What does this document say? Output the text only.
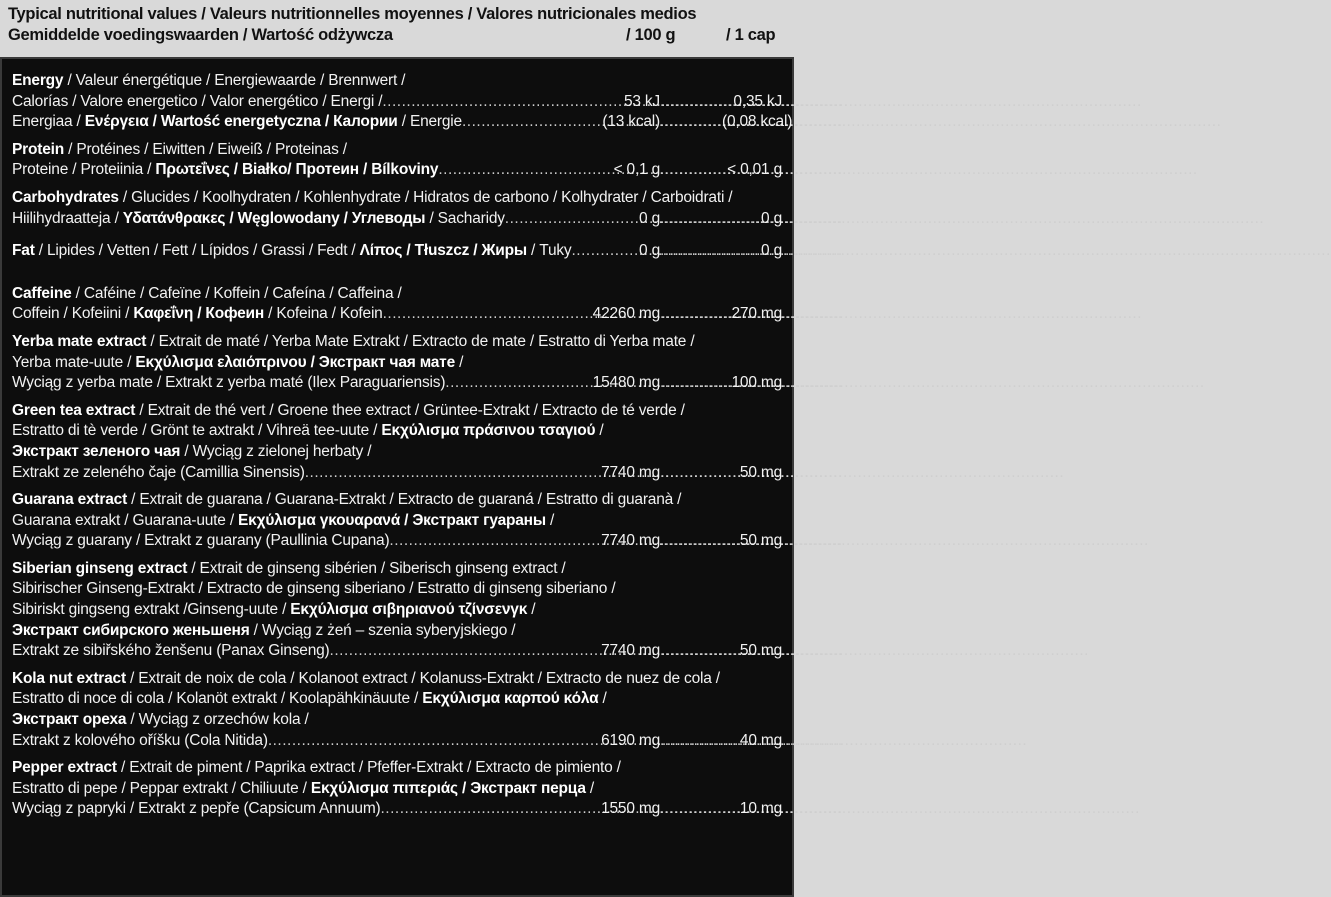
Typical nutritional values / Valeurs nutritionnelles moyennes / Valores nutricionales medios
Gemiddelde voedingswaarden / Wartość odżywcza	/ 100 g	/ 1 cap
Energy / Valeur énergétique / Energiewaarde / Brennwert /
Calorías / Valore energetico / Valor energético / Energi / .....	53 kJ .....	0,35 kJ
Energiaa / Ενέργεια / Wartość energetyczna / Калории / Energie .....	(13 kcal) .....	(0,08 kcal)
Protein / Protéines / Eiwitten / Eiweiß / Proteinas /
Proteine / Proteiinia / Πρωτεΐνες / Białko/ Протеин / Bílkoviny .....	< 0,1 g .....	< 0,01 g
Carbohydrates / Glucides / Koolhydraten / Kohlenhydrate / Hidratos de carbono / Kolhydrater / Carboidrati /
Hiilihydraatteja / Υδατάνθρακες / Węglowodany / Углеводы / Sacharidy .....	0 g .....	0 g
Fat / Lipides / Vetten / Fett / Lípidos / Grassi / Fedt / Λίπος / Tłuszcz / Жиры / Tuky .....	0 g .....	0 g
Caffeine / Caféine / Cafeïne / Koffein / Cafeína / Caffeina /
Coffein / Kofeiini / Καφεΐνη / Кофеин / Kofeina / Kofein .....	42260 mg .....	270 mg
Yerba mate extract / Extrait de maté / Yerba Mate Extrakt / Extracto de mate / Estratto di Yerba mate /
Yerba mate-uute / Εκχύλισμα ελαιόπρινου / Экстракт чая мате /
Wyciąg z yerba mate / Extrakt z yerba maté (Ilex Paraguariensis) .....	15480 mg .....	100 mg
Green tea extract / Extrait de thé vert / Groene thee extract / Grüntee-Extrakt / Extracto de té verde /
Estratto di tè verde / Grönt te axtrakt / Vihreä tee-uute / Εκχύλισμα πράσινου τσαγιού /
Экстракт зеленого чая / Wyciąg z zielonej herbaty /
Extrakt ze zeleného čaje (Camillia Sinensis) .....	7740 mg .....	50 mg
Guarana extract / Extrait de guarana / Guarana-Extrakt / Extracto de guaraná / Estratto di guaranà /
Guarana extrakt / Guarana-uute / Εκχύλισμα γκουαρανά / Экстракт гуараны /
Wyciąg z guarany / Extrakt z guarany (Paullinia Cupana) .....	7740 mg .....	50 mg
Siberian ginseng extract / Extrait de ginseng sibérien / Siberisch ginseng extract /
Sibirischer Ginseng-Extrakt / Extracto de ginseng siberiano / Estratto di ginseng siberiano /
Sibiriskt gingseng extrakt /Ginseng-uute / Εκχύλισμα σιβηριανού τζίνσενγκ /
Экстракт сибирского женьшеня / Wyciąg z żeń – szenia syberyjskiego /
Extrakt ze sibiřského ženšenu (Panax Ginseng) .....	7740 mg .....	50 mg
Kola nut extract / Extrait de noix de cola / Kolanoot extract / Kolanuss-Extrakt / Extracto de nuez de cola /
Estratto di noce di cola / Kolanöt extrakt / Koolapähkinäuute / Εκχύλισμα καρπού κόλα /
Экстракт ореха / Wyciąg z orzechów kola /
Extrakt z kolového oříšku (Cola Nitida) .....	6190 mg .....	40 mg
Pepper extract / Extrait de piment / Paprika extract / Pfeffer-Extrakt / Extracto de pimiento /
Estratto di pepe / Peppar extrakt / Chiliuute / Εκχύλισμα πιπεριάς / Экстракт перца /
Wyciąg z papryki / Extrakt z pepře (Capsicum Annuum) .....	1550 mg .....	10 mg
